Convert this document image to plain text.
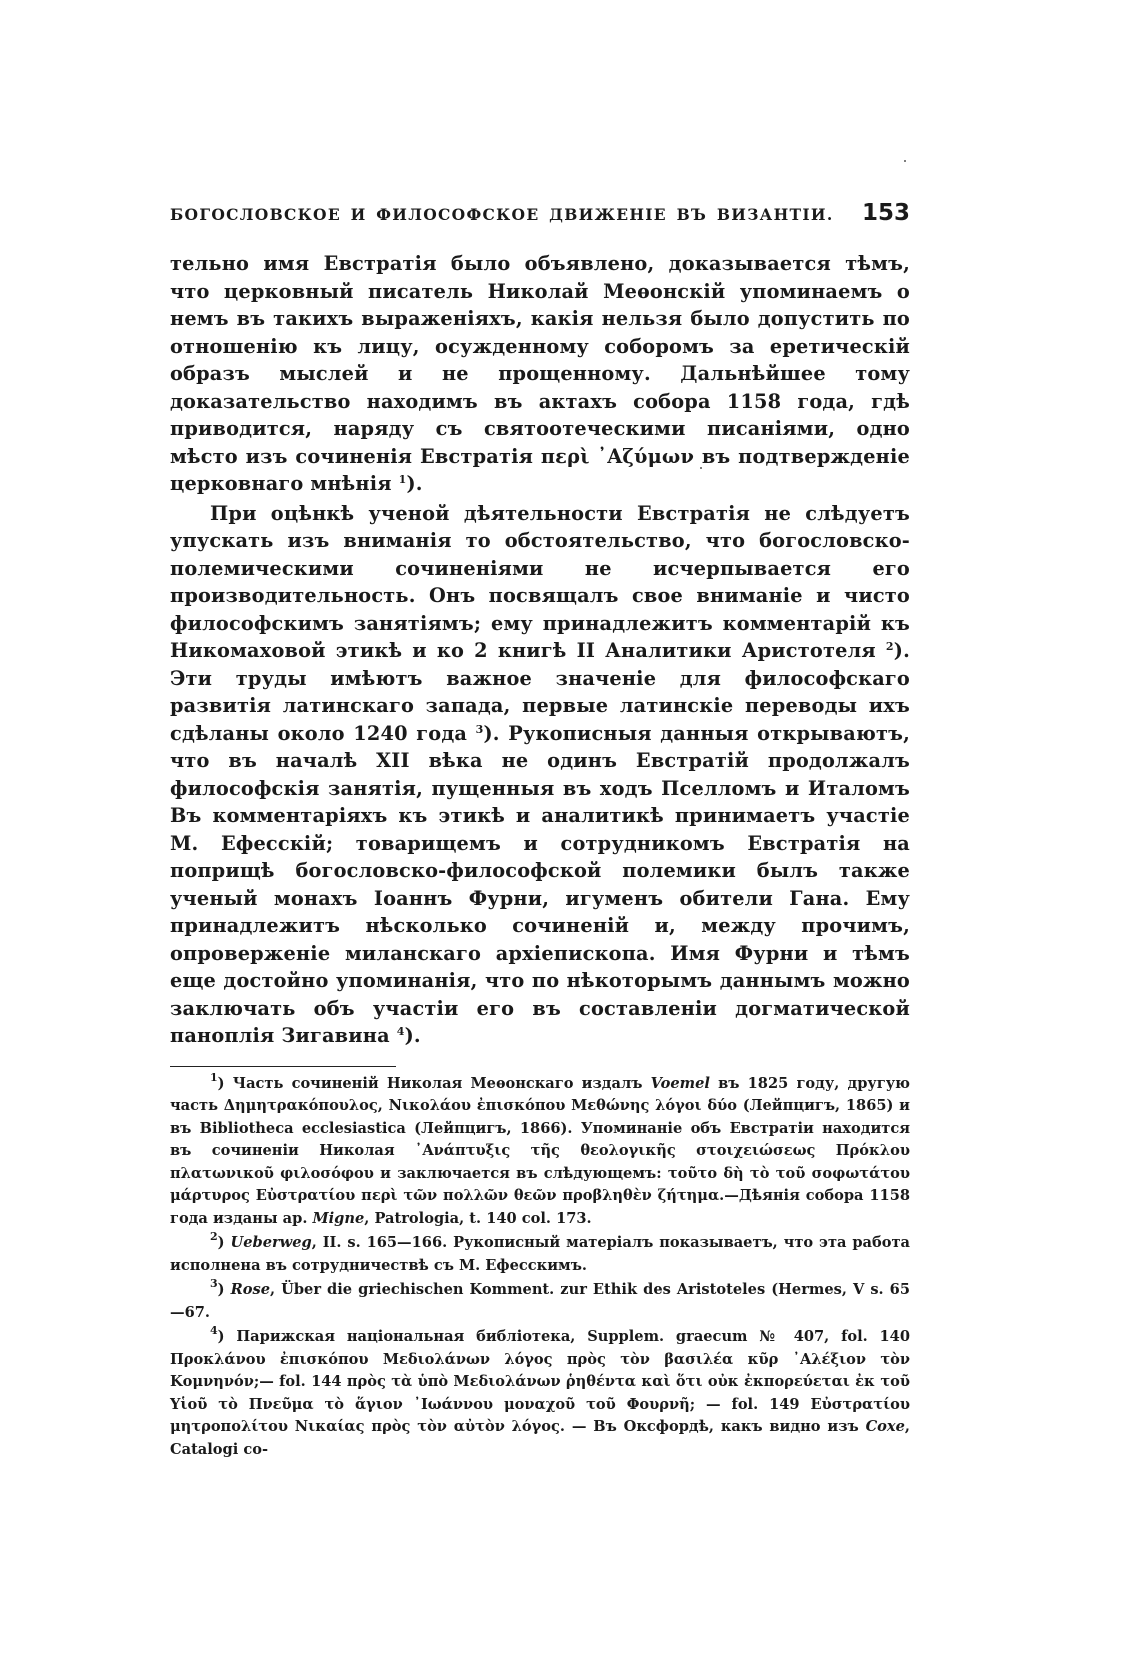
БОГОСЛОВСКОЕ И ФИЛОСОФСКОЕ ДВИЖЕНІЕ ВЪ ВИЗАНТІИ. 153

тельно имя Евстратія было объявлено, доказывается тѣмъ, что церковный писатель Николай Меѳонскій упоминаемъ о немъ въ такихъ выраженіяхъ, какія нельзя было допустить по отношенію къ лицу, осужденному соборомъ за еретическій образъ мыслей и не прощенному. Дальнѣйшее тому доказательство находимъ въ актахъ собора 1158 года, гдѣ приводится, наряду съ святоотеческими писаніями, одно мѣсто изъ сочиненія Евстратія περὶ ᾿Αζύμων въ подтвержденіе церковнаго мнѣнія $^1$).

При оцѣнкѣ ученой дѣятельности Евстратія не слѣдуетъ упускать изъ вниманія то обстоятельство, что богословско-полемическими сочиненіями не исчерпывается его производительность. Онъ посвящалъ свое вниманіе и чисто философскимъ занятіямъ; ему принадлежитъ комментарій къ Никомаховой этикѣ и ко 2 книгѣ II Аналитики Аристотеля $^2$). Эти труды имѣютъ важное значеніе для философскаго развитія латинскаго запада, первые латинскіе переводы ихъ сдѣланы около 1240 года $^3$). Рукописныя данныя открываютъ, что въ началѣ XII вѣка не одинъ Евстратій продолжалъ философскія занятія, пущенныя въ ходъ Пселломъ и Италомъ Въ комментаріяхъ къ этикѣ и аналитикѣ принимаетъ участіе М. Ефесскій; товарищемъ и сотрудникомъ Евстратія на поприщѣ богословско-философской полемики былъ также ученый монахъ Іоаннъ Фурни, игуменъ обители Гана. Ему принадлежитъ нѣсколько сочиненій и, между прочимъ, опроверженіе миланскаго архіепископа. Имя Фурни и тѣмъ еще достойно упоминанія, что по нѣкоторымъ даннымъ можно заключать объ участіи его въ составленіи догматической паноплія Зигавина $^4$).

$^1$) Часть сочиненій Николая Меѳонскаго издалъ Voemel въ 1825 году, другую часть Δημητρακόπουλος, Νικολάου ἐπισκόπου Μεθώνης λόγοι δύο (Лейпцигъ, 1865) и въ Bibliotheca ecclesiastica (Лейпцигъ, 1866). Упоминаніе объ Евстратіи находится въ сочиненіи Николая ᾿Ανάπτυξις τῆς θεολογικῆς στοιχειώσεως Πρόκλου πλατωνικοῦ φιλοσόφου и заключается въ слѣдующемъ: τοῦτο δὴ τὸ τοῦ σοφωτάτου μάρτυρος Εὐστρατίου περὶ τῶν πολλῶν θεῶν προβληθὲν ζήτημα.—Дѣянія собора 1158 года изданы ap. Migne, Patrologia, t. 140 col. 173.

$^2$) Ueberweg, II. s. 165—166. Рукописный матеріалъ показываетъ, что эта работа исполнена въ сотрудничествѣ съ М. Ефесскимъ.

$^3$) Rose, Über die griechischen Komment. zur Ethik des Aristoteles (Hermes, V s. 65—67.

$^4$) Парижская національная библіотека, Supplem. graecum № 407, fol. 140 Προκλάνου ἐπισκόπου Μεδιολάνων λόγος πρὸς τὸν βασιλέα κῦρ ᾿Αλέξιον τὸν Κομνηνόν;— fol. 144 πρὸς τὰ ὑπὸ Μεδιολάνων ῥηθέντα καὶ ὅτι οὐκ ἐκπορεύεται ἐκ τοῦ Υἱοῦ τὸ Πνεῦμα τὸ ἅγιον ᾿Ιωάννου μοναχοῦ τοῦ Φουρνῆ; — fol. 149 Εὐστρατίου μητροπολίτου Νικαίας πρὸς τὸν αὐτὸν λόγος. — Въ Оксфордѣ, какъ видно изъ Coxe, Catalogi co-
